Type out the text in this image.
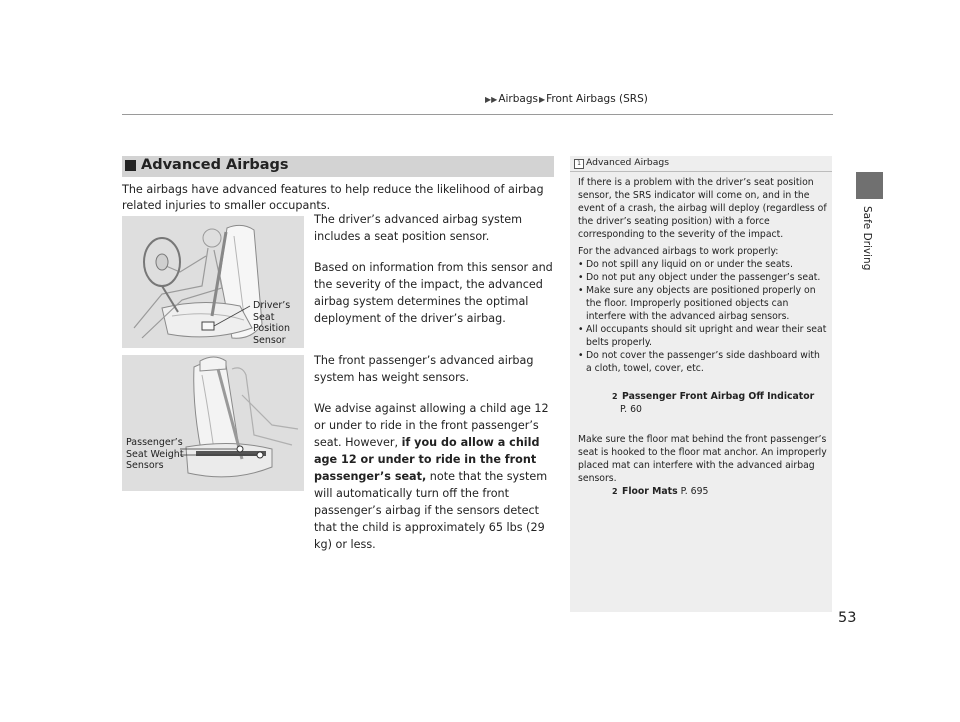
▶▶Airbags▶Front Airbags (SRS)
Safe Driving
Advanced Airbags
The airbags have advanced features to help reduce the likelihood of airbag related injuries to smaller occupants.
Driver’s
Seat
Position
Sensor
Passenger’s
Seat Weight
Sensors
The driver’s advanced airbag system includes a seat position sensor.
Based on information from this sensor and the severity of the impact, the advanced airbag system determines the optimal deployment of the driver’s airbag.
The front passenger’s advanced airbag system has weight sensors.
We advise against allowing a child age 12 or under to ride in the front passenger’s seat. However, if you do allow a child age 12 or under to ride in the front passenger’s seat, note that the system will automatically turn off the front passenger’s airbag if the sensors detect that the child is approximately 65 lbs (29 kg) or less.
1 Advanced Airbags
If there is a problem with the driver’s seat position sensor, the SRS indicator will come on, and in the event of a crash, the airbag will deploy (regardless of the driver’s seating position) with a force corresponding to the severity of the impact.
For the advanced airbags to work properly:
• Do not spill any liquid on or under the seats.
• Do not put any object under the passenger’s seat.
• Make sure any objects are positioned properly on the floor. Improperly positioned objects can interfere with the advanced airbag sensors.
• All occupants should sit upright and wear their seat belts properly.
• Do not cover the passenger’s side dashboard with a cloth, towel, cover, etc.
2 Passenger Front Airbag Off Indicator
P. 60
Make sure the floor mat behind the front passenger’s seat is hooked to the floor mat anchor. An improperly placed mat can interfere with the advanced airbag sensors.
2 Floor Mats P. 695
53
